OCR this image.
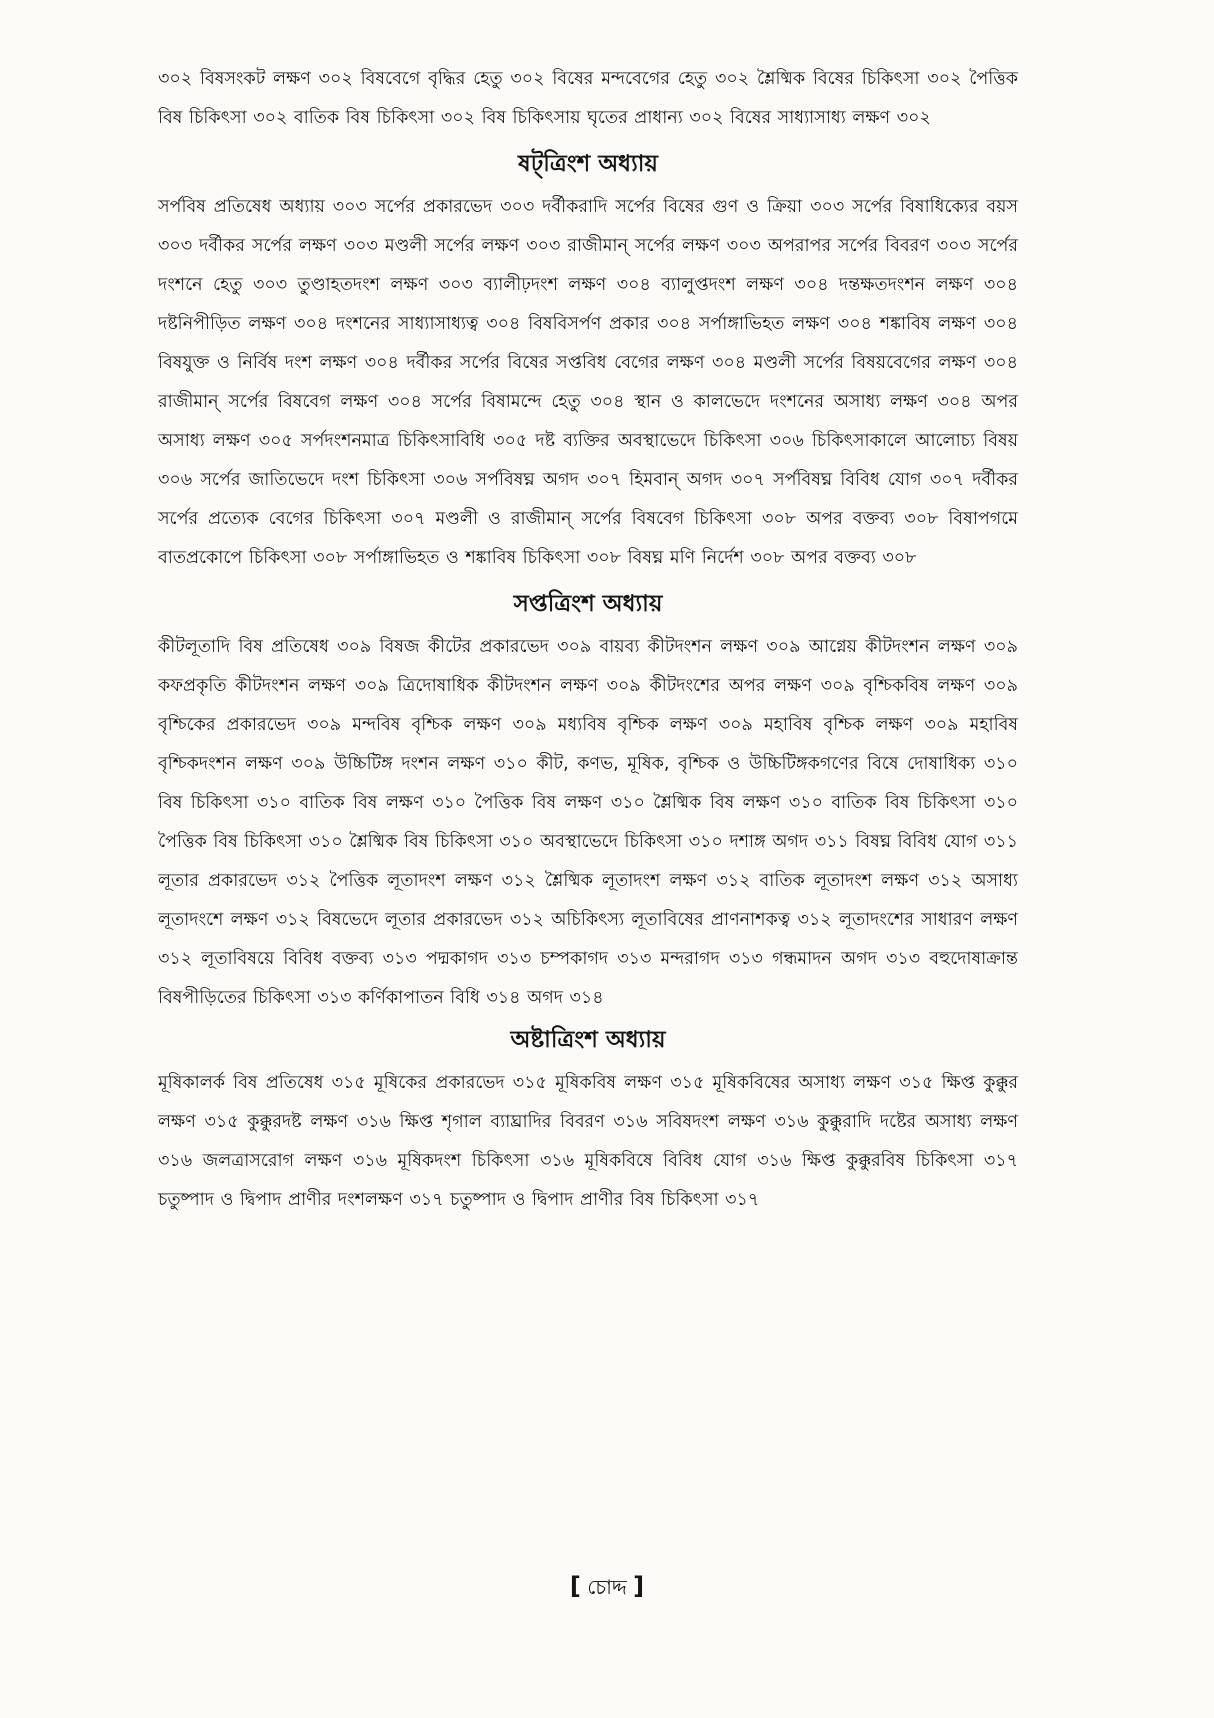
৩০২ বিষসংকট লক্ষণ ৩০২ বিষবেগে বৃদ্ধির হেতু ৩০২ বিষের মন্দবেগের হেতু ৩০২ শ্লৈষ্মিক বিষের চিকিৎসা ৩০২ পৈত্তিক বিষ চিকিৎসা ৩০২ বাতিক বিষ চিকিৎসা ৩০২ বিষ চিকিৎসায় ঘৃতের প্রাধান্য ৩০২ বিষের সাধ্যাসাধ্য লক্ষণ ৩০২

ষট্‌ত্রিংশ অধ্যায়

সর্পবিষ প্রতিষেধ অধ্যায় ৩০৩ সর্পের প্রকারভেদ ৩০৩ দর্বীকরাদি সর্পের বিষের গুণ ও ক্রিয়া ৩০৩ সর্পের বিষাধিক্যের বয়স ৩০৩ দর্বীকর সর্পের লক্ষণ ৩০৩ মণ্ডলী সর্পের লক্ষণ ৩০৩ রাজীমান্ সর্পের লক্ষণ ৩০৩ অপরাপর সর্পের বিবরণ ৩০৩ সর্পের দংশনে হেতু ৩০৩ তুণ্ডাহতদংশ লক্ষণ ৩০৩ ব্যালীঢ়দংশ লক্ষণ ৩০৪ ব্যালুপ্তদংশ লক্ষণ ৩০৪ দন্তক্ষতদংশন লক্ষণ ৩০৪ দষ্টনিপীড়িত লক্ষণ ৩০৪ দংশনের সাধ্যাসাধ্যত্ব ৩০৪ বিষবিসর্পণ প্রকার ৩০৪ সর্পাঙ্গাভিহত লক্ষণ ৩০৪ শঙ্কাবিষ লক্ষণ ৩০৪ বিষযুক্ত ও নির্বিষ দংশ লক্ষণ ৩০৪ দর্বীকর সর্পের বিষের সপ্তবিধ বেগের লক্ষণ ৩০৪ মণ্ডলী সর্পের বিষয়বেগের লক্ষণ ৩০৪ রাজীমান্ সর্পের বিষবেগ লক্ষণ ৩০৪ সর্পের বিষামন্দে হেতু ৩০৪ স্থান ও কালভেদে দংশনের অসাধ্য লক্ষণ ৩০৪ অপর অসাধ্য লক্ষণ ৩০৫ সর্পদংশনমাত্র চিকিৎসাবিধি ৩০৫ দষ্ট ব্যক্তির অবস্থাভেদে চিকিৎসা ৩০৬ চিকিৎসাকালে আলোচ্য বিষয় ৩০৬ সর্পের জাতিভেদে দংশ চিকিৎসা ৩০৬ সর্পবিষঘ্ন অগদ ৩০৭ হিমবান্ অগদ ৩০৭ সর্পবিষঘ্ন বিবিধ যোগ ৩০৭ দর্বীকর সর্পের প্রত্যেক বেগের চিকিৎসা ৩০৭ মণ্ডলী ও রাজীমান্ সর্পের বিষবেগ চিকিৎসা ৩০৮ অপর বক্তব্য ৩০৮ বিষাপগমে বাতপ্রকোপে চিকিৎসা ৩০৮ সর্পাঙ্গাভিহত ও শঙ্কাবিষ চিকিৎসা ৩০৮ বিষঘ্ন মণি নির্দেশ ৩০৮ অপর বক্তব্য ৩০৮

সপ্তত্রিংশ অধ্যায়

কীটলূতাদি বিষ প্রতিষেধ ৩০৯ বিষজ কীটের প্রকারভেদ ৩০৯ বায়ব্য কীটদংশন লক্ষণ ৩০৯ আগ্নেয় কীটদংশন লক্ষণ ৩০৯ কফপ্রকৃতি কীটদংশন লক্ষণ ৩০৯ ত্রিদোষাধিক কীটদংশন লক্ষণ ৩০৯ কীটদংশের অপর লক্ষণ ৩০৯ বৃশ্চিকবিষ লক্ষণ ৩০৯ বৃশ্চিকের প্রকারভেদ ৩০৯ মন্দবিষ বৃশ্চিক লক্ষণ ৩০৯ মধ্যবিষ বৃশ্চিক লক্ষণ ৩০৯ মহাবিষ বৃশ্চিক লক্ষণ ৩০৯ মহাবিষ বৃশ্চিকদংশন লক্ষণ ৩০৯ উচ্চিটিঙ্গ দংশন লক্ষণ ৩১০ কীট, কণভ, মূষিক, বৃশ্চিক ও উচ্চিটিঙ্গকগণের বিষে দোষাধিক্য ৩১০ বিষ চিকিৎসা ৩১০ বাতিক বিষ লক্ষণ ৩১০ পৈত্তিক বিষ লক্ষণ ৩১০ শ্লৈষ্মিক বিষ লক্ষণ ৩১০ বাতিক বিষ চিকিৎসা ৩১০ পৈত্তিক বিষ চিকিৎসা ৩১০ শ্লৈষ্মিক বিষ চিকিৎসা ৩১০ অবস্থাভেদে চিকিৎসা ৩১০ দশাঙ্গ অগদ ৩১১ বিষঘ্ন বিবিধ যোগ ৩১১ লূতার প্রকারভেদ ৩১২ পৈত্তিক লূতাদংশ লক্ষণ ৩১২ শ্লৈষ্মিক লূতাদংশ লক্ষণ ৩১২ বাতিক লূতাদংশ লক্ষণ ৩১২ অসাধ্য লূতাদংশে লক্ষণ ৩১২ বিষভেদে লূতার প্রকারভেদ ৩১২ অচিকিৎস্য লূতাবিষের প্রাণনাশকত্ব ৩১২ লূতাদংশের সাধারণ লক্ষণ ৩১২ লূতাবিষয়ে বিবিধ বক্তব্য ৩১৩ পদ্মকাগদ ৩১৩ চম্পকাগদ ৩১৩ মন্দরাগদ ৩১৩ গন্ধমাদন অগদ ৩১৩ বহুদোষাক্রান্ত বিষপীড়িতের চিকিৎসা ৩১৩ কর্ণিকাপাতন বিধি ৩১৪ অগদ ৩১৪

অষ্টাত্রিংশ অধ্যায়

মূষিকালর্ক বিষ প্রতিষেধ ৩১৫ মূষিকের প্রকারভেদ ৩১৫ মূষিকবিষ লক্ষণ ৩১৫ মূষিকবিষের অসাধ্য লক্ষণ ৩১৫ ক্ষিপ্ত কুক্কুর লক্ষণ ৩১৫ কুক্কুরদষ্ট লক্ষণ ৩১৬ ক্ষিপ্ত শৃগাল ব্যাঘ্রাদির বিবরণ ৩১৬ সবিষদংশ লক্ষণ ৩১৬ কুক্কুরাদি দষ্টের অসাধ্য লক্ষণ ৩১৬ জলত্রাসরোগ লক্ষণ ৩১৬ মূষিকদংশ চিকিৎসা ৩১৬ মূষিকবিষে বিবিধ যোগ ৩১৬ ক্ষিপ্ত কুক্কুরবিষ চিকিৎসা ৩১৭ চতুষ্পাদ ও দ্বিপাদ প্রাণীর দংশলক্ষণ ৩১৭ চতুষ্পাদ ও দ্বিপাদ প্রাণীর বিষ চিকিৎসা ৩১৭

[ চোদ্দ ]
